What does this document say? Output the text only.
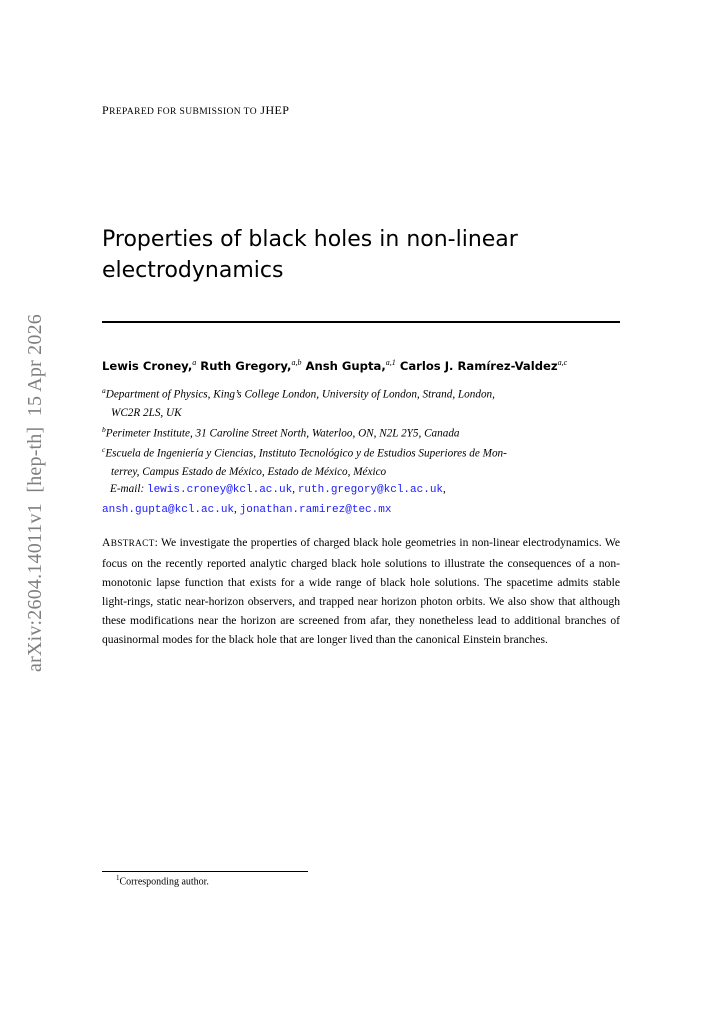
arXiv:2604.14011v1  [hep-th]  15 Apr 2026
PREPARED FOR SUBMISSION TO JHEP
Properties of black holes in non-linear electrodynamics
Lewis Croney,$^a$ Ruth Gregory,$^{a,b}$ Ansh Gupta,$^{a,1}$ Carlos J. Ramírez-Valdez$^{a,c}$
$^a$Department of Physics, King’s College London, University of London, Strand, London,
WC2R 2LS, UK
$^b$Perimeter Institute, 31 Caroline Street North, Waterloo, ON, N2L 2Y5, Canada
$^c$Escuela de Ingeniería y Ciencias, Instituto Tecnológico y de Estudios Superiores de Mon-
terrey, Campus Estado de México, Estado de México, México
E-mail: lewis.croney@kcl.ac.uk, ruth.gregory@kcl.ac.uk,
ansh.gupta@kcl.ac.uk, jonathan.ramirez@tec.mx
ABSTRACT: We investigate the properties of charged black hole geometries in non-linear electrodynamics. We focus on the recently reported analytic charged black hole solutions to illustrate the consequences of a non-monotonic lapse function that exists for a wide range of black hole solutions. The spacetime admits stable light-rings, static near-horizon observers, and trapped near horizon photon orbits. We also show that although these modifications near the horizon are screened from afar, they nonetheless lead to additional branches of quasinormal modes for the black hole that are longer lived than the canonical Einstein branches.
$^1$Corresponding author.
